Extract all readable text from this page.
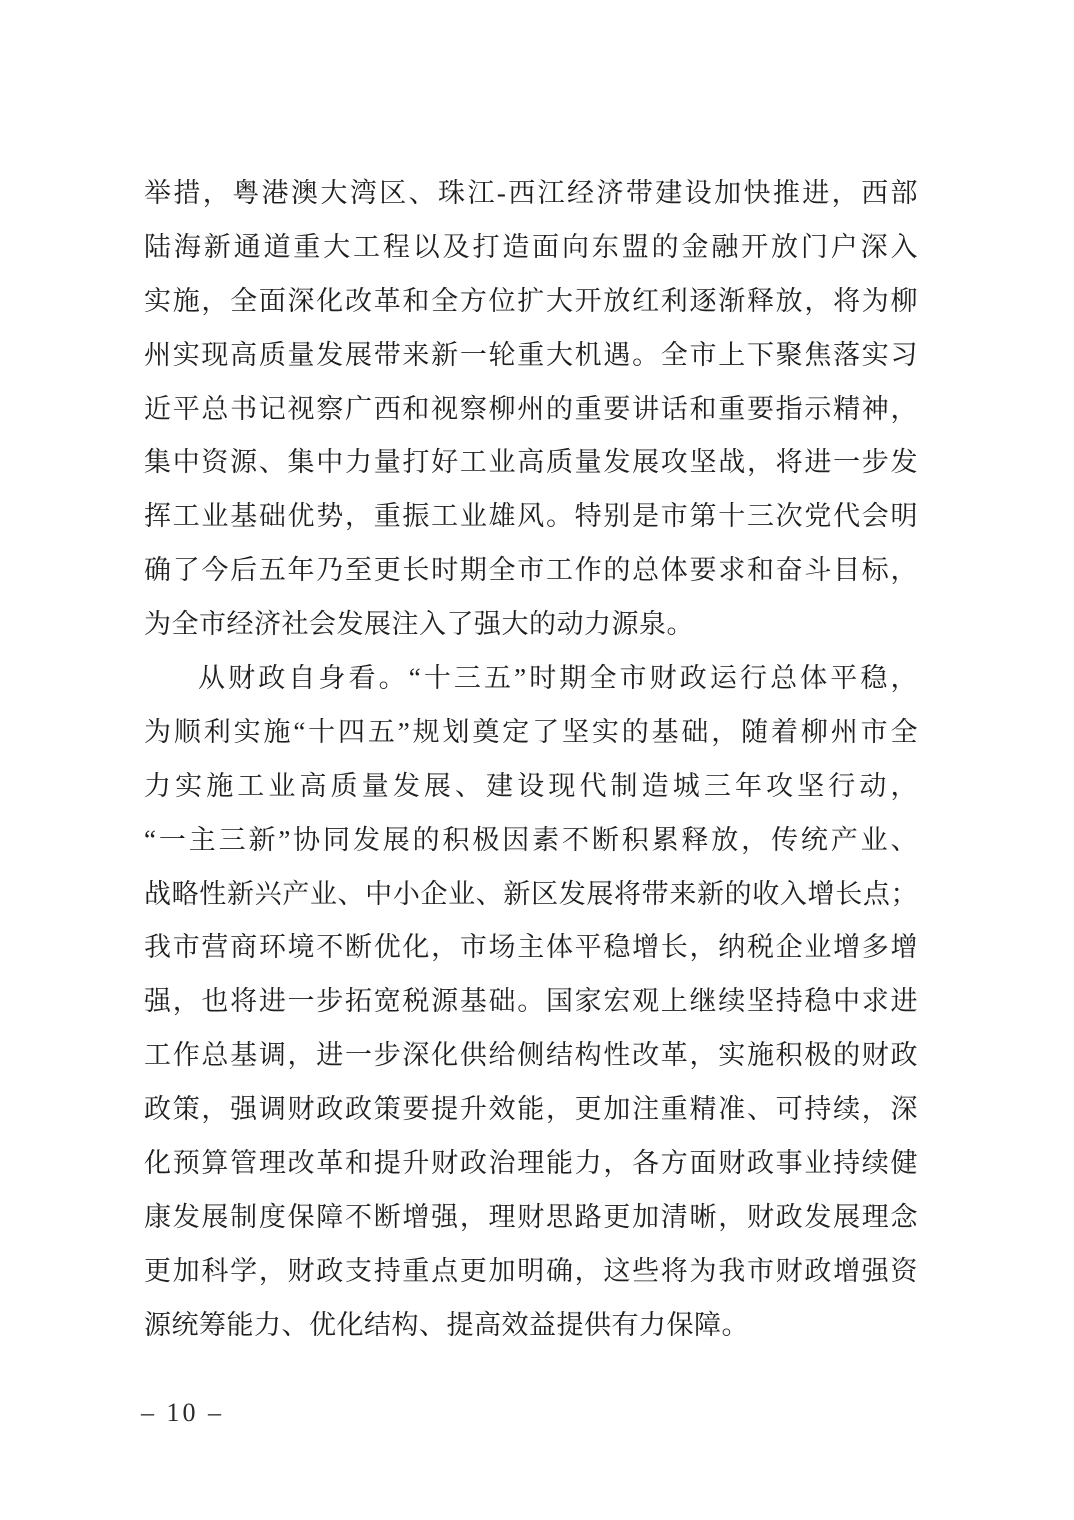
举措，粤港澳大湾区、珠江-西江经济带建设加快推进，西部
陆海新通道重大工程以及打造面向东盟的金融开放门户深入
实施，全面深化改革和全方位扩大开放红利逐渐释放，将为柳
州实现高质量发展带来新一轮重大机遇。全市上下聚焦落实习
近平总书记视察广西和视察柳州的重要讲话和重要指示精神，
集中资源、集中力量打好工业高质量发展攻坚战，将进一步发
挥工业基础优势，重振工业雄风。特别是市第十三次党代会明
确了今后五年乃至更长时期全市工作的总体要求和奋斗目标，
为全市经济社会发展注入了强大的动力源泉。
从财政自身看。“十三五”时期全市财政运行总体平稳，
为顺利实施“十四五”规划奠定了坚实的基础，随着柳州市全
力实施工业高质量发展、建设现代制造城三年攻坚行动，
“一主三新”协同发展的积极因素不断积累释放，传统产业、
战略性新兴产业、中小企业、新区发展将带来新的收入增长点；
我市营商环境不断优化，市场主体平稳增长，纳税企业增多增
强，也将进一步拓宽税源基础。国家宏观上继续坚持稳中求进
工作总基调，进一步深化供给侧结构性改革，实施积极的财政
政策，强调财政政策要提升效能，更加注重精准、可持续，深
化预算管理改革和提升财政治理能力，各方面财政事业持续健
康发展制度保障不断增强，理财思路更加清晰，财政发展理念
更加科学，财政支持重点更加明确，这些将为我市财政增强资
源统筹能力、优化结构、提高效益提供有力保障。
– 10 –
